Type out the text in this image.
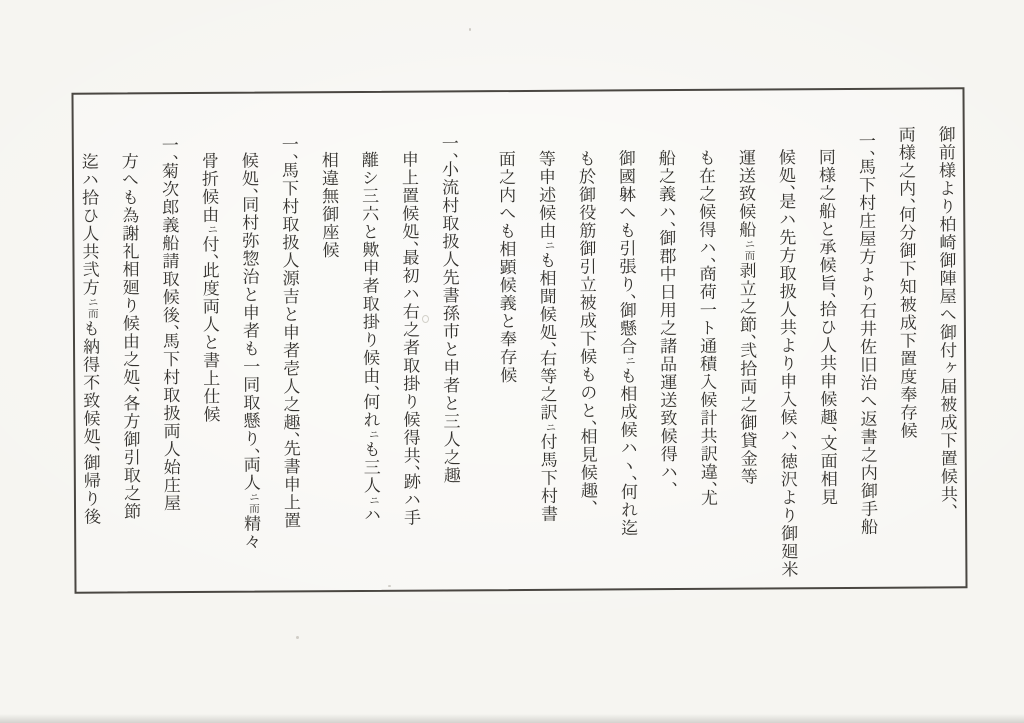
御前様より柏崎御陣屋へ御付ヶ届被成下置候共、
両様之内、何分御下知被成下置度奉存候
一、馬下村庄屋方より石井佐旧治へ返書之内御手船
同様之船と承候旨、拾ひ人共申候趣、文面相見
候処、是ハ先方取扱人共より申入候ハ、徳沢より御廻米
運送致候船ニ而剥立之節、弐拾両之御貸金等
も在之候得ハ、商荷一ト通積入候計共訳違、尤
船之義ハ、御郡中日用之諸品運送致候得ハ、
御國躰へも引張り、御懸合ニも相成候ハヽ、何れ迄
も於御役筋御引立被成下候ものと、相見候趣、
等申述候由ニも相聞候処、右等之訳ニ付馬下村書
面之内へも相顕候義と奉存候
一、小流村取扱人先書孫市と申者と三人之趣
申上置候処、最初ハ右之者取掛り候得共、跡ハ手
離シ三六と歟申者取掛り候由、何れニも三人ニハ
相違無御座候
一、馬下村取扱人源吉と申者壱人之趣、先書申上置
候処、同村弥惣治と申者も一同取懸り、両人ニ而精々
骨折候由ニ付、此度両人と書上仕候
一、菊次郎義船請取候後、馬下村取扱両人始庄屋
方へも為謝礼相廻り候由之処、各方御引取之節
迄ハ拾ひ人共弐方ニ而も納得不致候処、御帰り後
